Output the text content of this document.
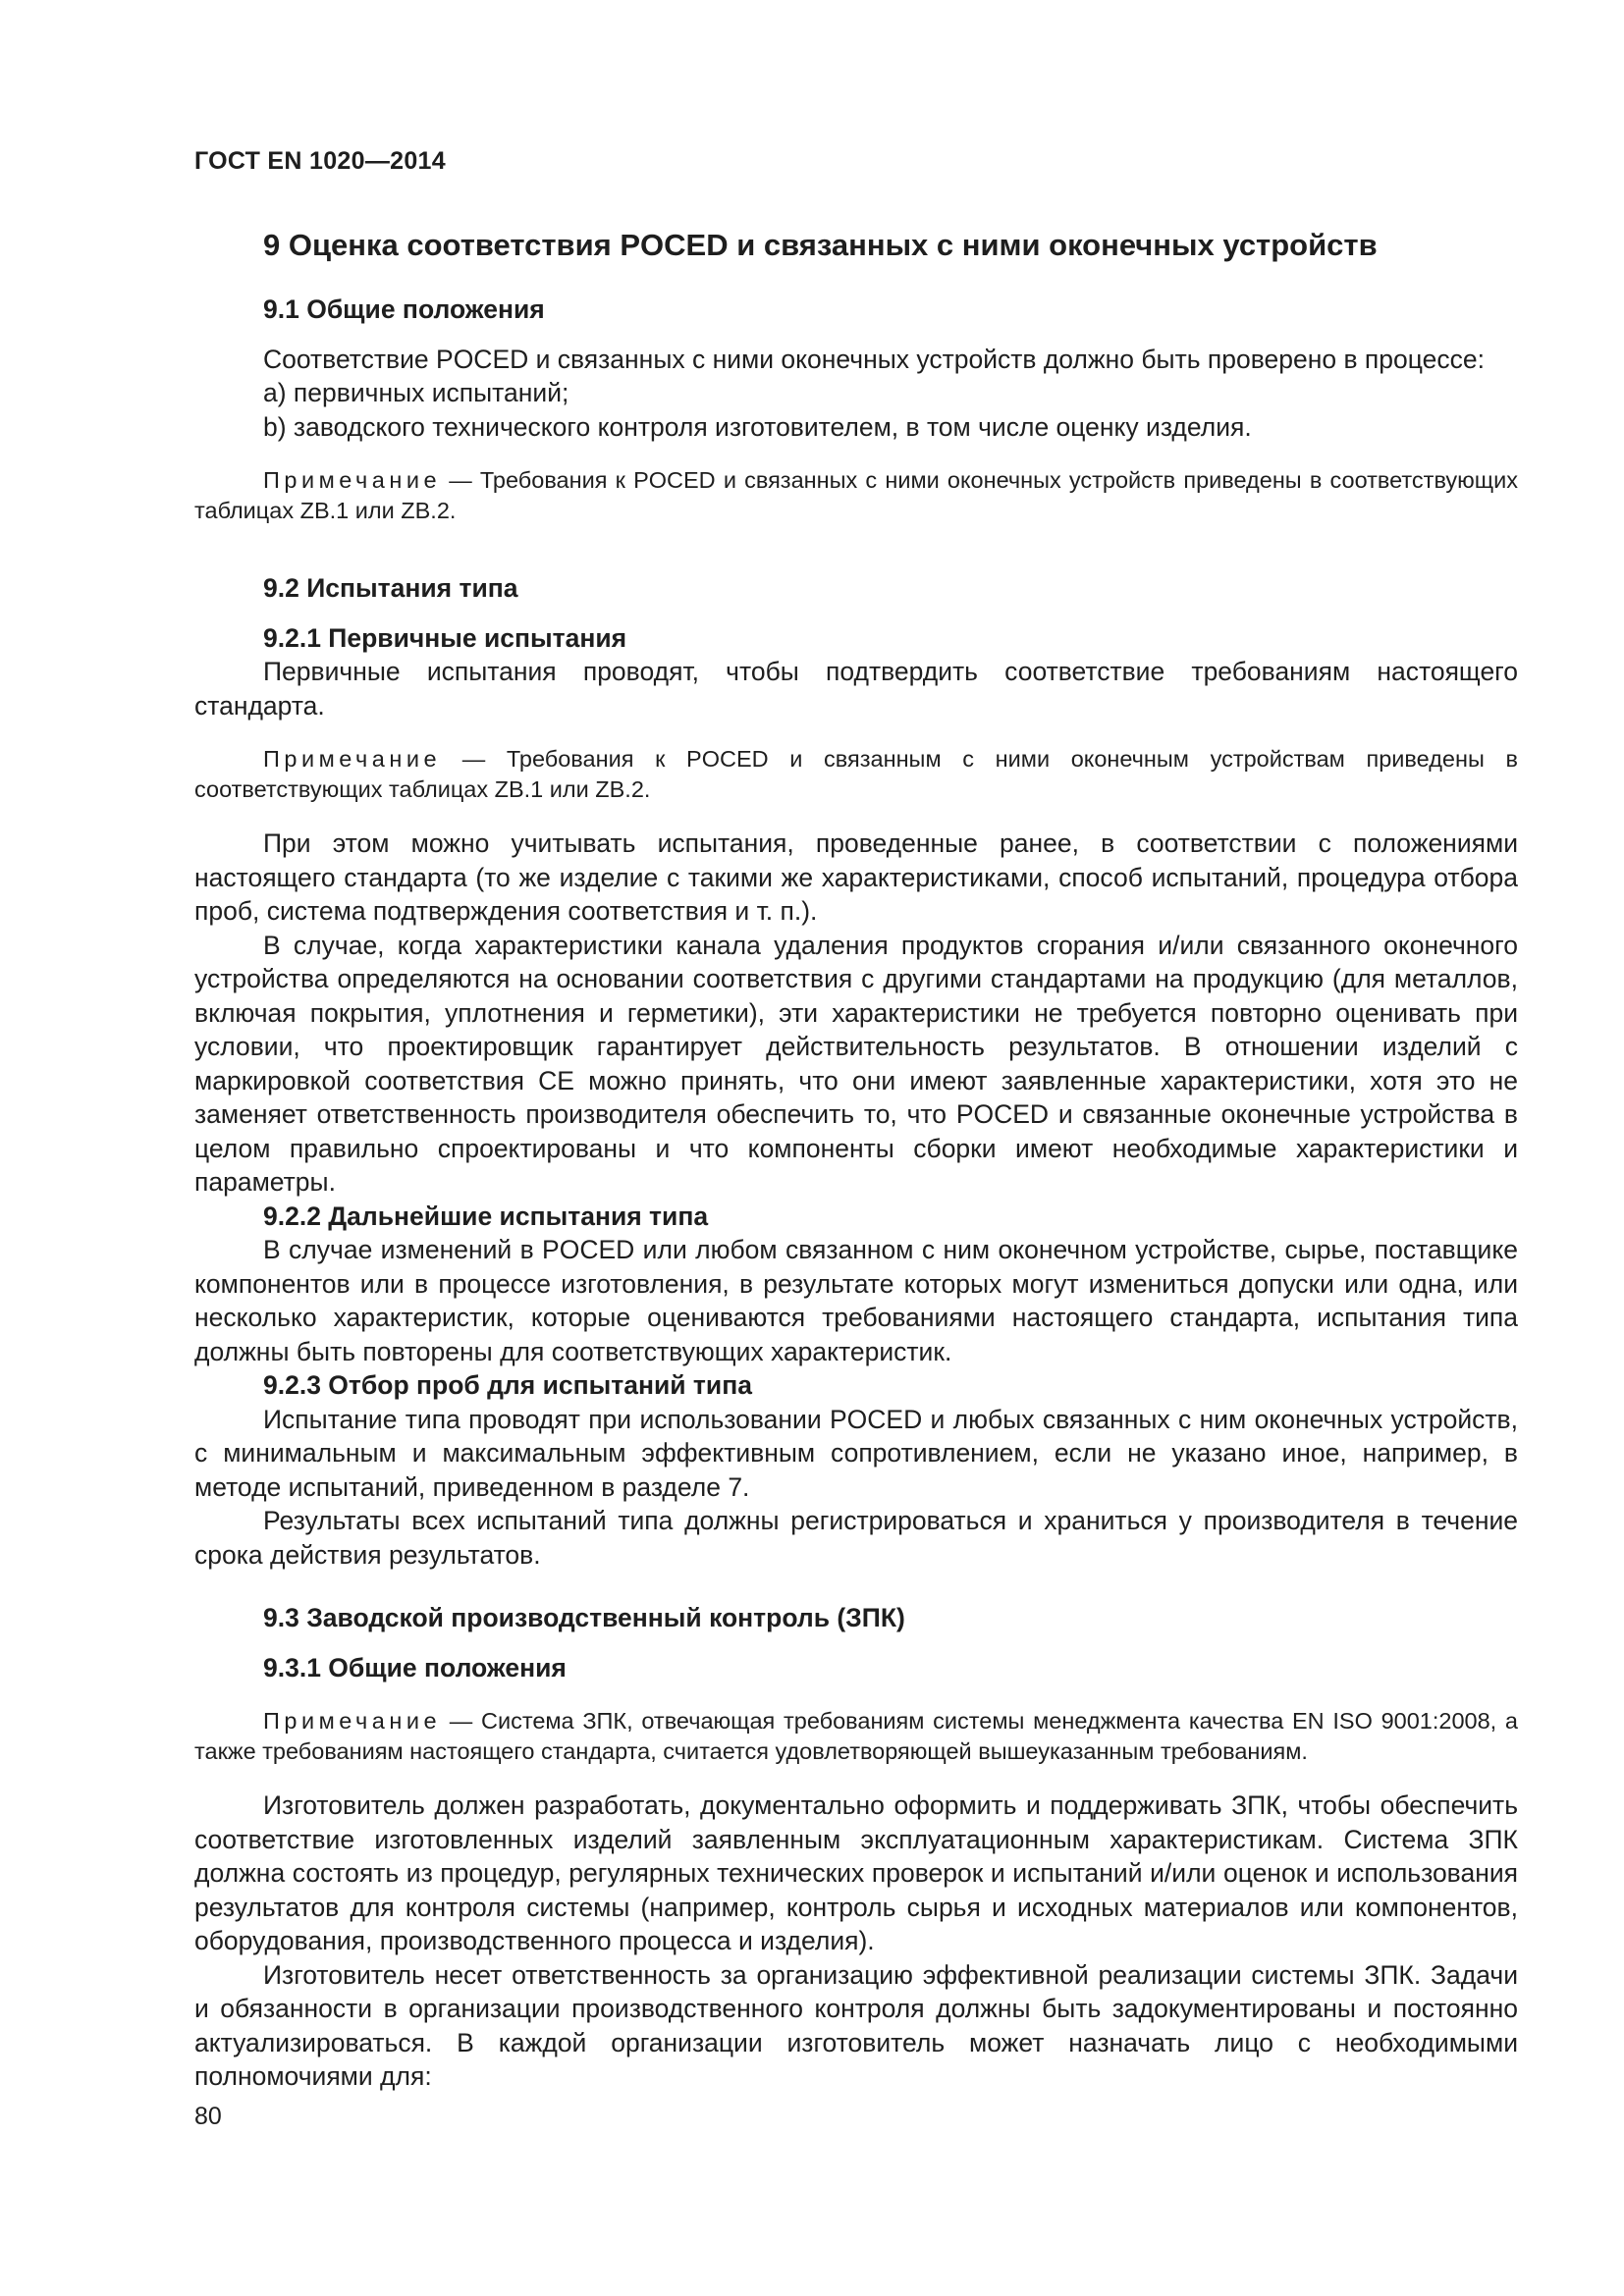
ГОСТ EN 1020—2014
9 Оценка соответствия POCED и связанных с ними оконечных устройств
9.1 Общие положения

Соответствие POCED и связанных с ними оконечных устройств должно быть проверено в процессе:

a) первичных испытаний;

b) заводского технического контроля изготовителем, в том числе оценку изделия.

Примечание — Требования к POCED и связанных с ними оконечных устройств приведены в соответствующих таблицах ZB.1 или ZB.2.

9.2 Испытания типа
9.2.1 Первичные испытания

Первичные испытания проводят, чтобы подтвердить соответствие требованиям настоящего стандарта.

Примечание — Требования к POCED и связанным с ними оконечным устройствам приведены в соответствующих таблицах ZB.1 или ZB.2.

При этом можно учитывать испытания, проведенные ранее, в соответствии с положениями настоящего стандарта (то же изделие с такими же характеристиками, способ испытаний, процедура отбора проб, система подтверждения соответствия и т. п.).

В случае, когда характеристики канала удаления продуктов сгорания и/или связанного оконечного устройства определяются на основании соответствия с другими стандартами на продукцию (для металлов, включая покрытия, уплотнения и герметики), эти характеристики не требуется повторно оценивать при условии, что проектировщик гарантирует действительность результатов. В отношении изделий с маркировкой соответствия CE можно принять, что они имеют заявленные характеристики, хотя это не заменяет ответственность производителя обеспечить то, что POCED и связанные оконечные устройства в целом правильно спроектированы и что компоненты сборки имеют необходимые характеристики и параметры.

9.2.2 Дальнейшие испытания типа

В случае изменений в POCED или любом связанном с ним оконечном устройстве, сырье, поставщике компонентов или в процессе изготовления, в результате которых могут измениться допуски или одна, или несколько характеристик, которые оцениваются требованиями настоящего стандарта, испытания типа должны быть повторены для соответствующих характеристик.

9.2.3 Отбор проб для испытаний типа

Испытание типа проводят при использовании POCED и любых связанных с ним оконечных устройств, с минимальным и максимальным эффективным сопротивлением, если не указано иное, например, в методе испытаний, приведенном в разделе 7.

Результаты всех испытаний типа должны регистрироваться и храниться у производителя в течение срока действия результатов.

9.3 Заводской производственный контроль (ЗПК)
9.3.1 Общие положения

Примечание — Система ЗПК, отвечающая требованиям системы менеджмента качества EN ISO 9001:2008, а также требованиям настоящего стандарта, считается удовлетворяющей вышеуказанным требованиям.

Изготовитель должен разработать, документально оформить и поддерживать ЗПК, чтобы обеспечить соответствие изготовленных изделий заявленным эксплуатационным характеристикам. Система ЗПК должна состоять из процедур, регулярных технических проверок и испытаний и/или оценок и использования результатов для контроля системы (например, контроль сырья и исходных материалов или компонентов, оборудования, производственного процесса и изделия).

Изготовитель несет ответственность за организацию эффективной реализации системы ЗПК. Задачи и обязанности в организации производственного контроля должны быть задокументированы и постоянно актуализироваться. В каждой организации изготовитель может назначать лицо с необходимыми полномочиями для:

80
